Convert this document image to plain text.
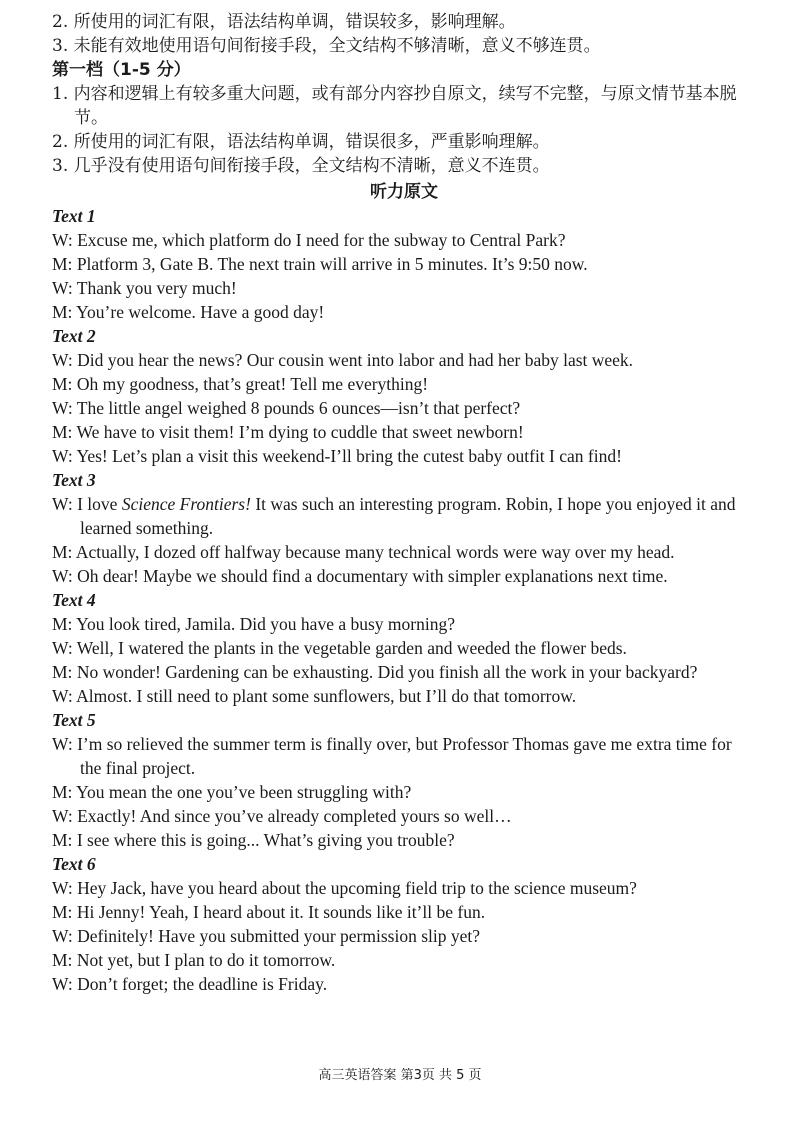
2. 所使用的词汇有限，语法结构单调，错误较多，影响理解。

3. 未能有效地使用语句间衔接手段，全文结构不够清晰，意义不够连贯。

第一档（1-5 分）

1. 内容和逻辑上有较多重大问题，或有部分内容抄自原文，续写不完整，与原文情节基本脱节。

2. 所使用的词汇有限，语法结构单调，错误很多，严重影响理解。

3. 几乎没有使用语句间衔接手段，全文结构不清晰，意义不连贯。

听力原文

Text 1

W: Excuse me, which platform do I need for the subway to Central Park?

M: Platform 3, Gate B. The next train will arrive in 5 minutes. It’s 9:50 now.

W: Thank you very much!

M: You’re welcome. Have a good day!

Text 2

W: Did you hear the news? Our cousin went into labor and had her baby last week.

M: Oh my goodness, that’s great! Tell me everything!

W: The little angel weighed 8 pounds 6 ounces—isn’t that perfect?

M: We have to visit them! I’m dying to cuddle that sweet newborn!

W: Yes! Let’s plan a visit this weekend-I’ll bring the cutest baby outfit I can find!

Text 3

W: I love Science Frontiers! It was such an interesting program. Robin, I hope you enjoyed it and learned something.

M: Actually, I dozed off halfway because many technical words were way over my head.

W: Oh dear! Maybe we should find a documentary with simpler explanations next time.

Text 4

M: You look tired, Jamila. Did you have a busy morning?

W: Well, I watered the plants in the vegetable garden and weeded the flower beds.

M: No wonder! Gardening can be exhausting. Did you finish all the work in your backyard?

W: Almost. I still need to plant some sunflowers, but I’ll do that tomorrow.

Text 5

W: I’m so relieved the summer term is finally over, but Professor Thomas gave me extra time for the final project.

M: You mean the one you’ve been struggling with?

W: Exactly! And since you’ve already completed yours so well…

M: I see where this is going... What’s giving you trouble?

Text 6

W: Hey Jack, have you heard about the upcoming field trip to the science museum?

M: Hi Jenny! Yeah, I heard about it. It sounds like it’ll be fun.

W: Definitely! Have you submitted your permission slip yet?

M: Not yet, but I plan to do it tomorrow.

W: Don’t forget; the deadline is Friday.

高三英语答案 第3页 共 5 页
